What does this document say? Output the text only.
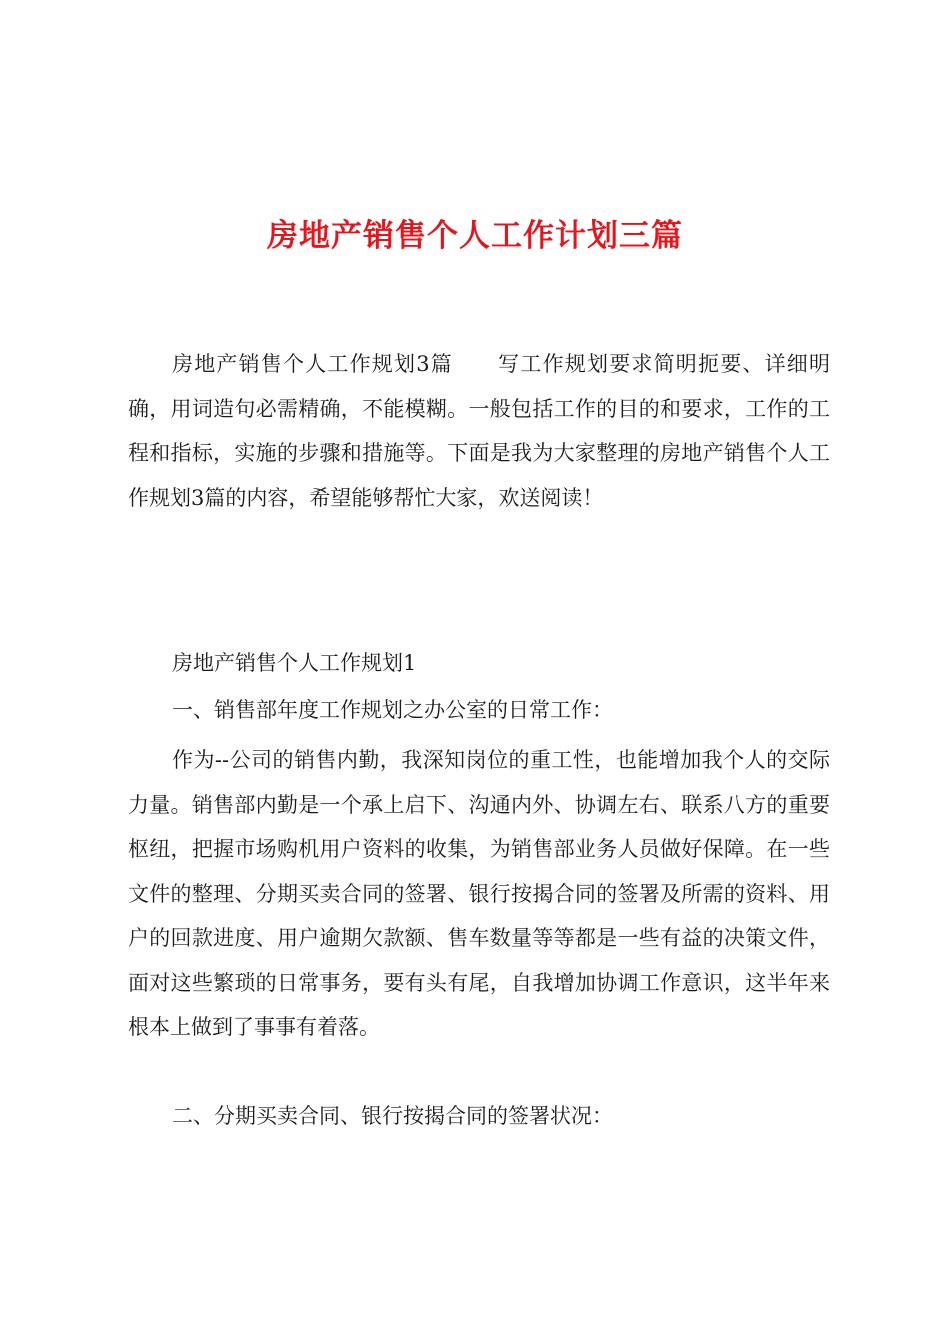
房地产销售个人工作计划三篇

房地产销售个人工作规划3篇 写工作规划要求简明扼要、详细明确，用词造句必需精确，不能模糊。一般包括工作的目的和要求，工作的工程和指标，实施的步骤和措施等。下面是我为大家整理的房地产销售个人工作规划3篇的内容，希望能够帮忙大家，欢送阅读！

房地产销售个人工作规划1

一、销售部年度工作规划之办公室的日常工作：

作为--公司的销售内勤，我深知岗位的重工性，也能增加我个人的交际力量。销售部内勤是一个承上启下、沟通内外、协调左右、联系八方的重要枢纽，把握市场购机用户资料的收集，为销售部业务人员做好保障。在一些文件的整理、分期买卖合同的签署、银行按揭合同的签署及所需的资料、用户的回款进度、用户逾期欠款额、售车数量等等都是一些有益的决策文件，面对这些繁琐的日常事务，要有头有尾，自我增加协调工作意识，这半年来根本上做到了事事有着落。

二、分期买卖合同、银行按揭合同的签署状况：
